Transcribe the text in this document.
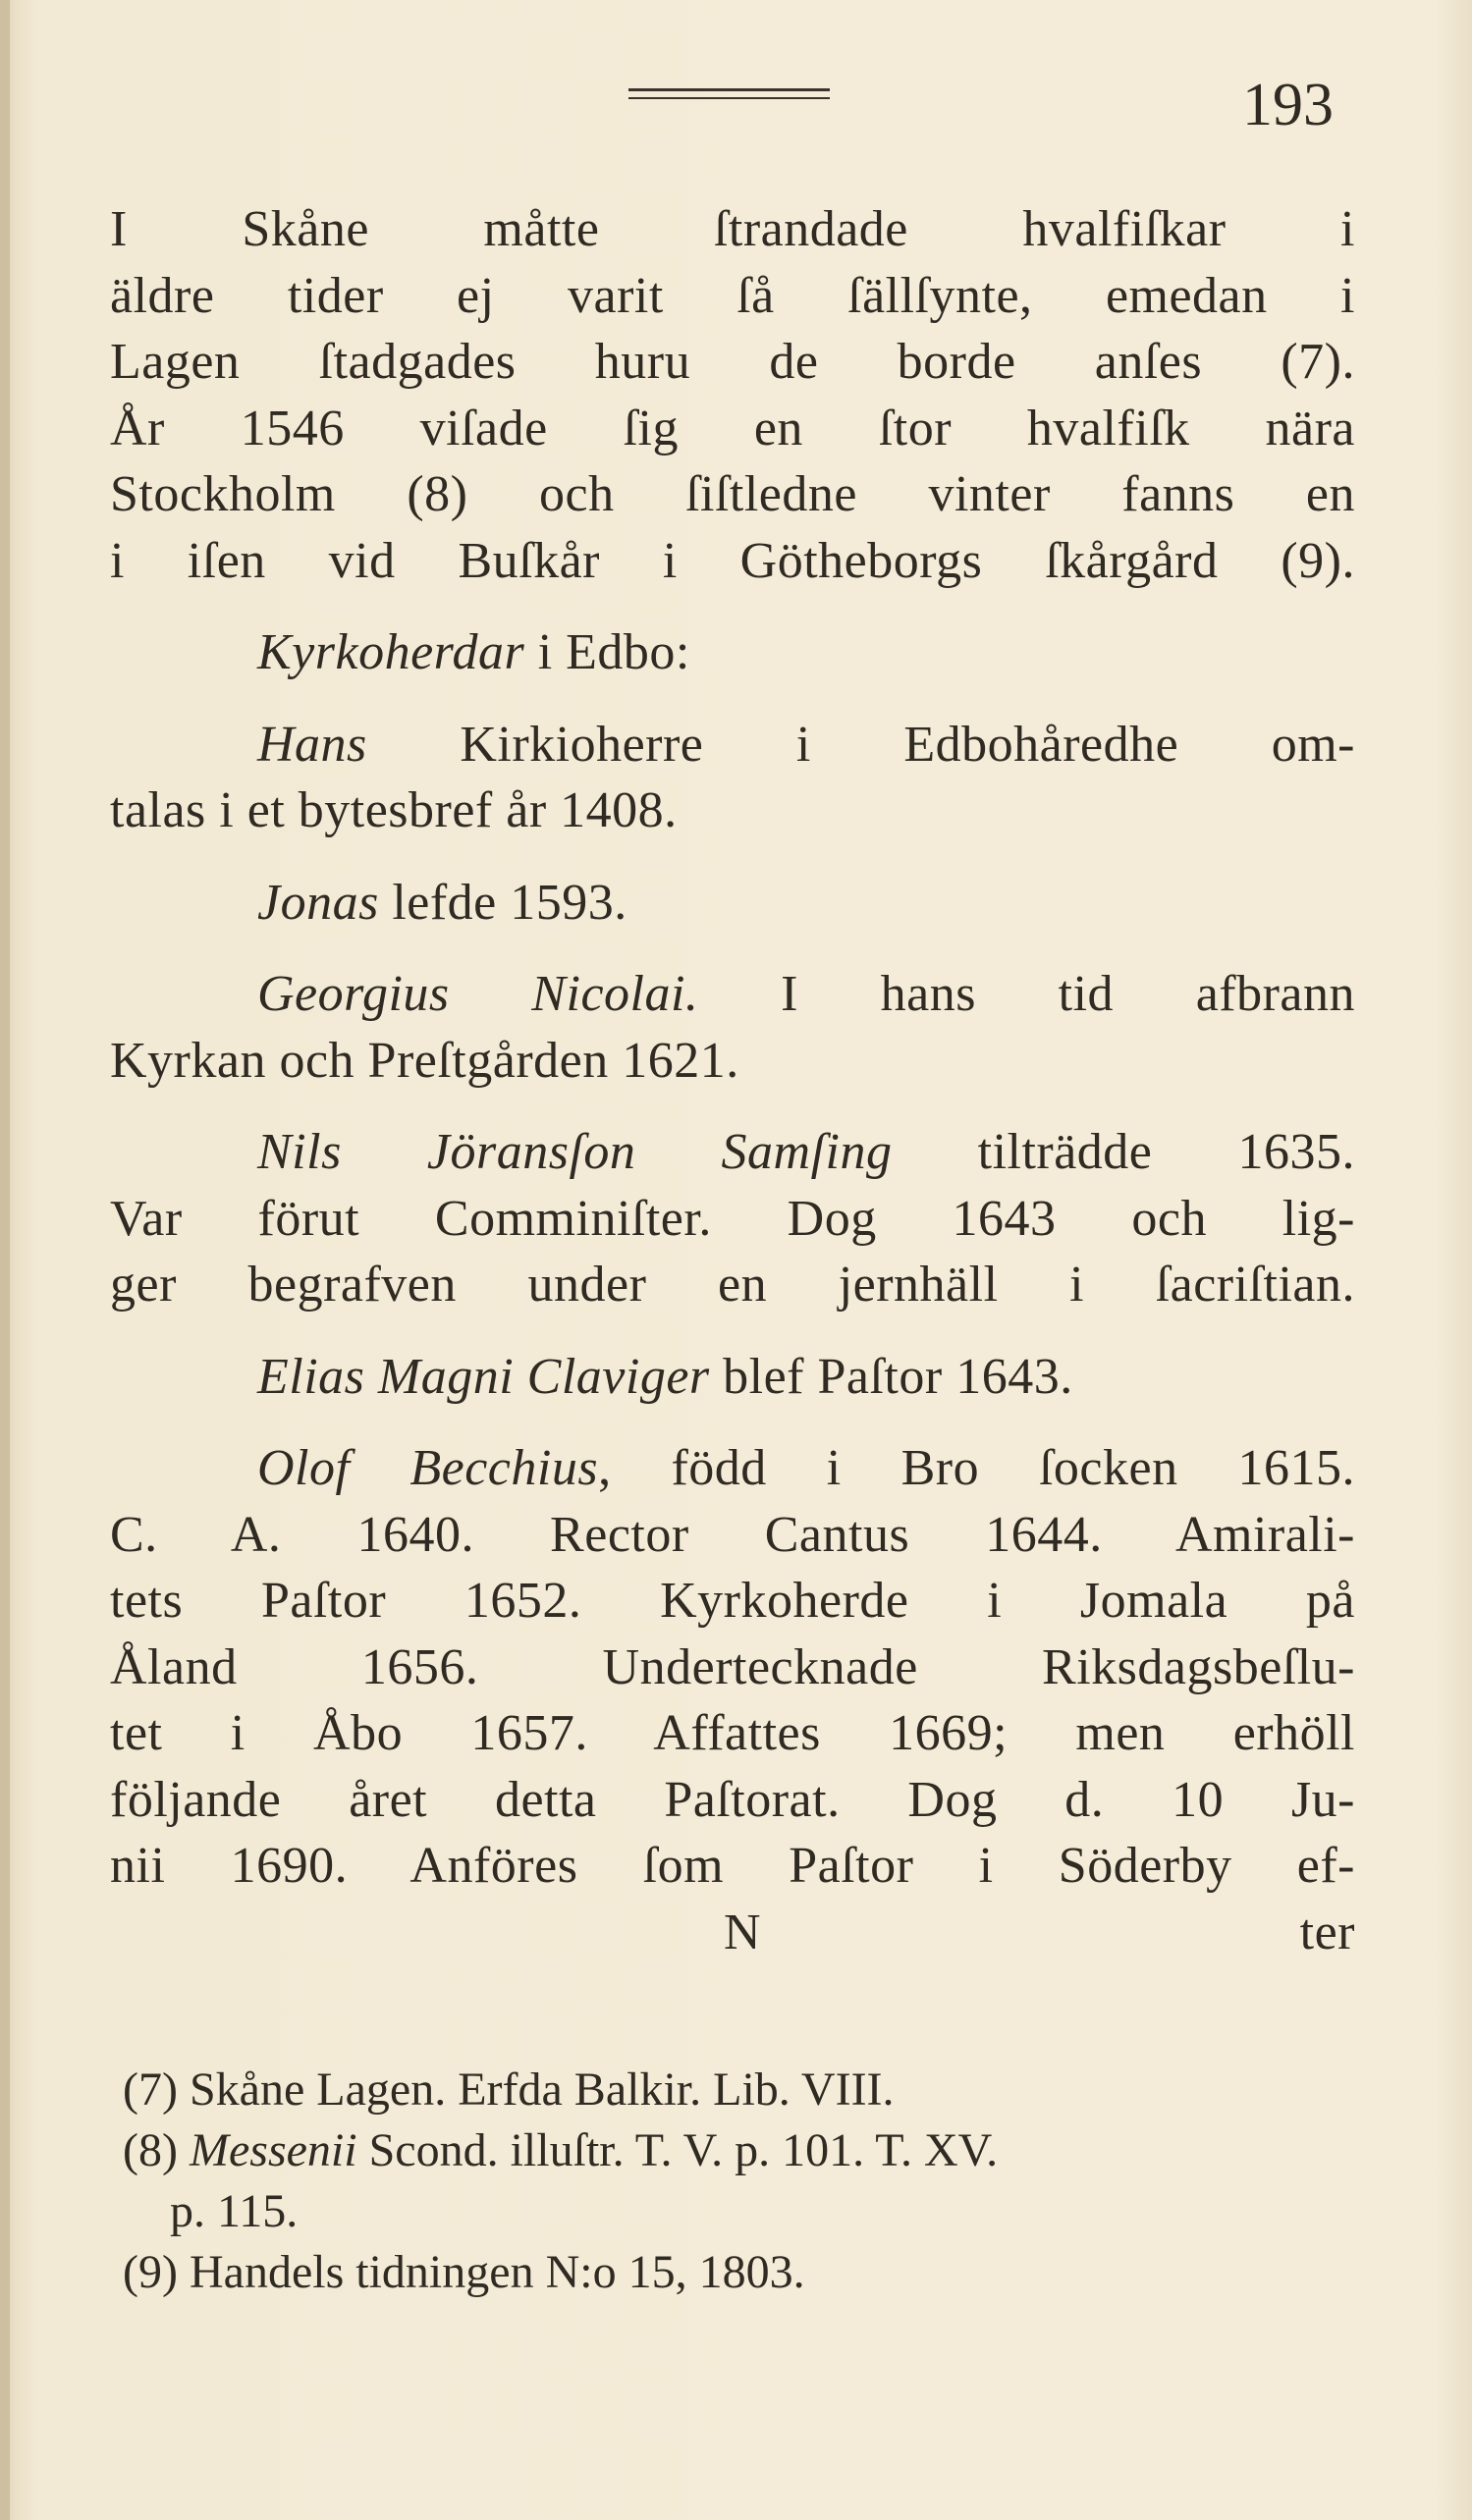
193
I Skåne måtte ſtrandade hvalfiſkar i
äldre tider ej varit ſå ſällſynte, emedan i
Lagen ſtadgades huru de borde anſes (7).
År 1546 viſade ſig en ſtor hvalfiſk nära
Stockholm (8) och ſiſtledne vinter fanns en
i iſen vid Buſkår i Götheborgs ſkårgård (9).
Kyrkoherdar i Edbo:
Hans Kirkioherre i Edbohåredhe om-
talas i et bytesbref år 1408.
Jonas lefde 1593.
Georgius Nicolai. I hans tid afbrann
Kyrkan och Preſtgården 1621.
Nils Jöransſon Samſing tilträdde 1635.
Var förut Comminiſter. Dog 1643 och lig-
ger begrafven under en jernhäll i ſacriſtian.
Elias Magni Claviger blef Paſtor 1643.
Olof Becchius, född i Bro ſocken 1615.
C. A. 1640. Rector Cantus 1644. Amirali-
tets Paſtor 1652. Kyrkoherde i Jomala på
Åland 1656. Undertecknade Riksdagsbeſlu-
tet i Åbo 1657. Affattes 1669; men erhöll
följande året detta Paſtorat. Dog d. 10 Ju-
nii 1690. Anföres ſom Paſtor i Söderby ef-
N	ter
(7) Skåne Lagen. Erfda Balkir. Lib. VIII.
(8) Messenii Scond. illuſtr. T. V. p. 101. T. XV.
p. 115.
(9) Handels tidningen N:o 15, 1803.
